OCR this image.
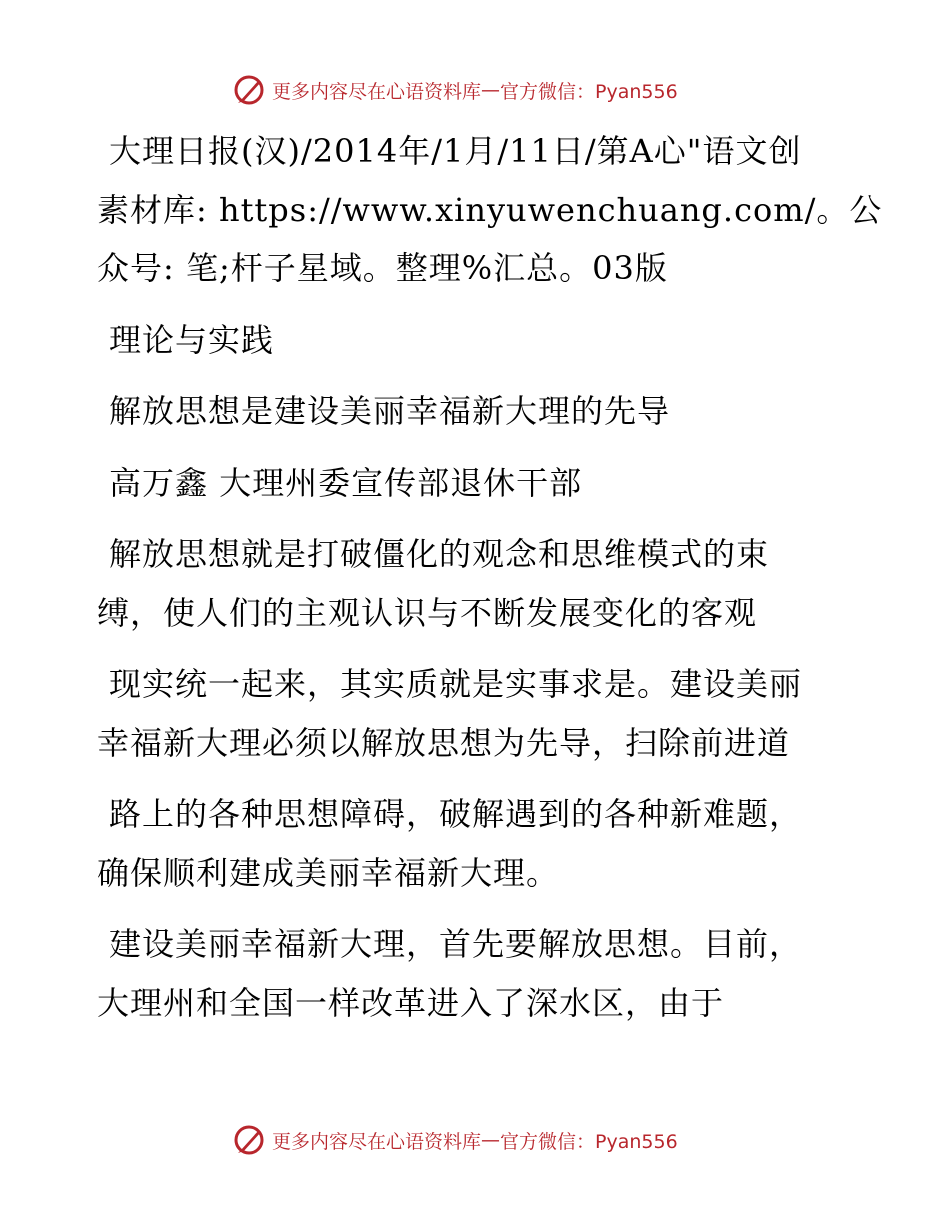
更多内容尽在心语资料库 — 官方微信：Pyan556
大理日报(汉)/2014年/1月/11日/第A心"语文创
素材库: https://www.xinyuwenchuang.com/。公
众号: 笔;杆子星域。整理%汇总。03版
理论与实践
解放思想是建设美丽幸福新大理的先导
高万鑫 大理州委宣传部退休干部
解放思想就是打破僵化的观念和思维模式的束
缚，使人们的主观认识与不断发展变化的客观
现实统一起来，其实质就是实事求是。建设美丽
幸福新大理必须以解放思想为先导，扫除前进道
路上的各种思想障碍，破解遇到的各种新难题，
确保顺利建成美丽幸福新大理。
建设美丽幸福新大理，首先要解放思想。目前，
大理州和全国一样改革进入了深水区，由于
更多内容尽在心语资料库 — 官方微信：Pyan556
